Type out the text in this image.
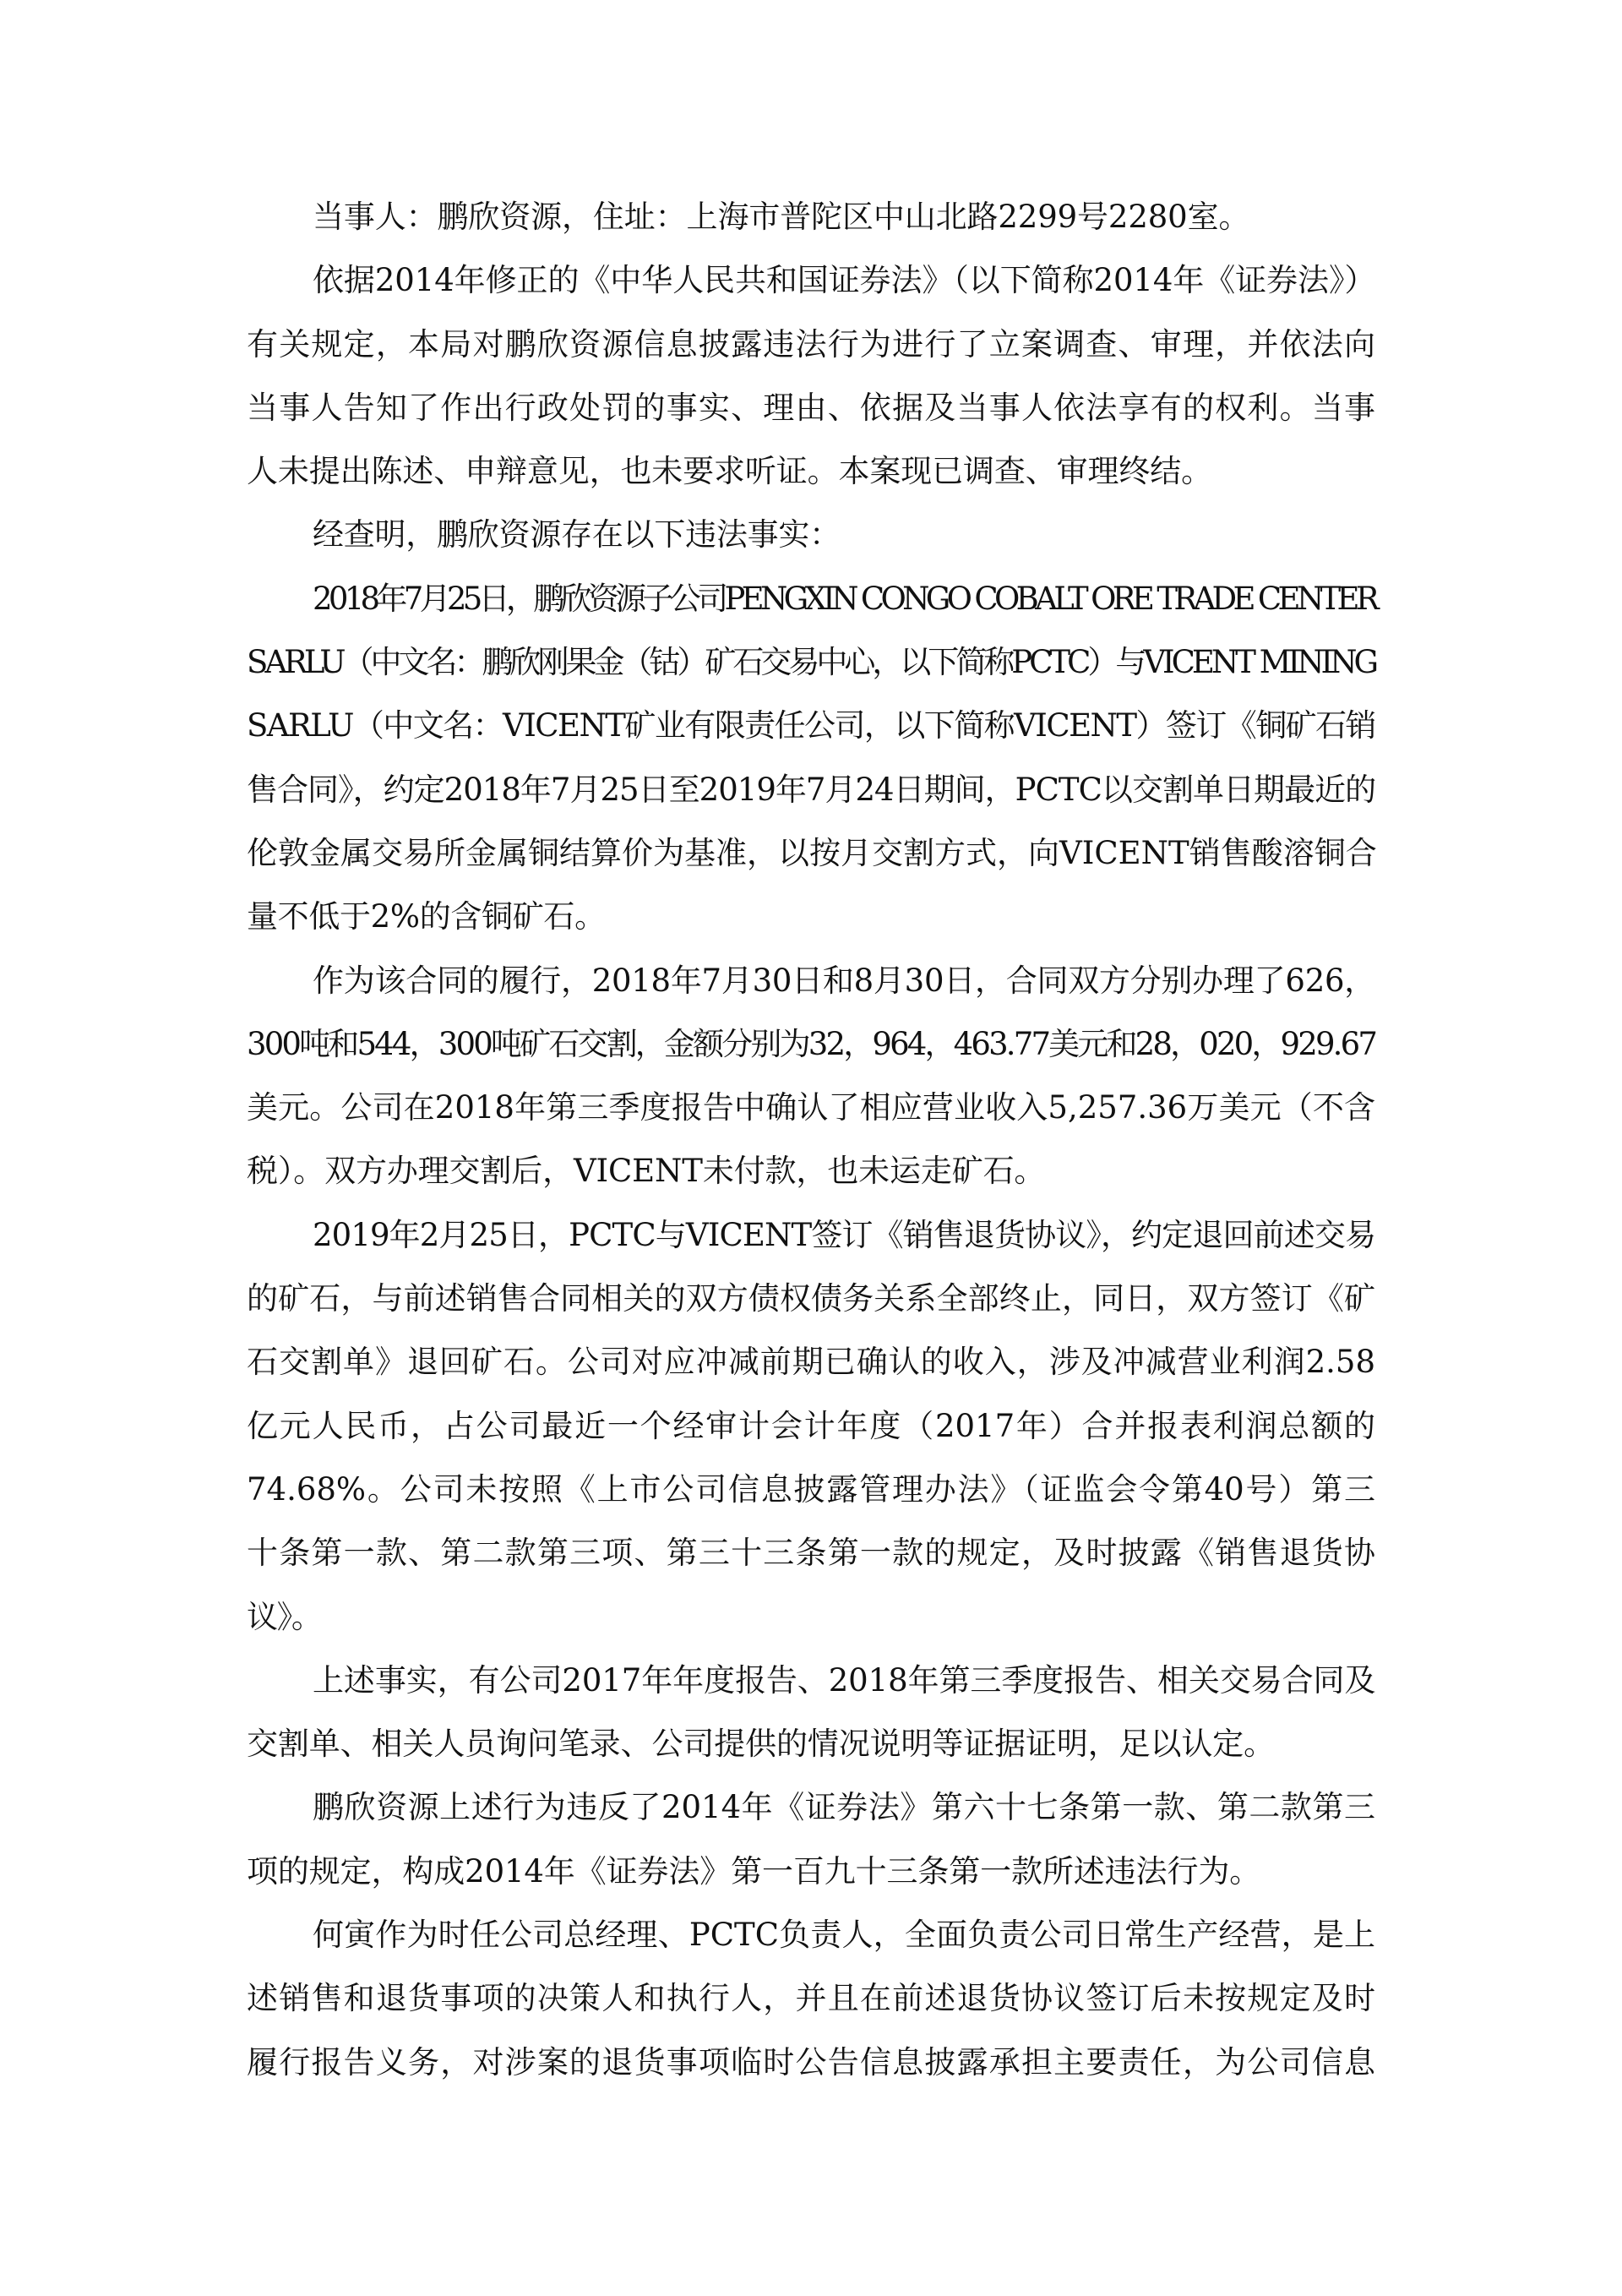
当事人：鹏欣资源，住址：上海市普陀区中山北路2299号2280室。
依据2014年修正的《中华人民共和国证券法》（以下简称2014年《证券法》）
有关规定，本局对鹏欣资源信息披露违法行为进行了立案调查、审理，并依法向
当事人告知了作出行政处罚的事实、理由、依据及当事人依法享有的权利。当事
人未提出陈述、申辩意见，也未要求听证。本案现已调查、审理终结。
经查明，鹏欣资源存在以下违法事实：
2018年7月25日，鹏欣资源子公司PENGXIN CONGO COBALT ORE TRADE CENTER
SARLU（中文名：鹏欣刚果金（钴）矿石交易中心，以下简称PCTC）与VICENT MINING
SARLU（中文名：VICENT矿业有限责任公司，以下简称VICENT）签订《铜矿石销
售合同》，约定2018年7月25日至2019年7月24日期间，PCTC以交割单日期最近的
伦敦金属交易所金属铜结算价为基准，以按月交割方式，向VICENT销售酸溶铜合
量不低于2%的含铜矿石。
作为该合同的履行，2018年7月30日和8月30日，合同双方分别办理了626，
300吨和544，300吨矿石交割，金额分别为32，964，463.77美元和28，020，929.67
美元。公司在2018年第三季度报告中确认了相应营业收入5,257.36万美元（不含
税）。双方办理交割后，VICENT未付款，也未运走矿石。
2019年2月25日，PCTC与VICENT签订《销售退货协议》，约定退回前述交易
的矿石，与前述销售合同相关的双方债权债务关系全部终止，同日，双方签订《矿
石交割单》退回矿石。公司对应冲减前期已确认的收入，涉及冲减营业利润2.58
亿元人民币，占公司最近一个经审计会计年度（2017年）合并报表利润总额的
74.68%。公司未按照《上市公司信息披露管理办法》（证监会令第40号）第三
十条第一款、第二款第三项、第三十三条第一款的规定，及时披露《销售退货协
议》。
上述事实，有公司2017年年度报告、2018年第三季度报告、相关交易合同及
交割单、相关人员询问笔录、公司提供的情况说明等证据证明，足以认定。
鹏欣资源上述行为违反了2014年《证券法》第六十七条第一款、第二款第三
项的规定，构成2014年《证券法》第一百九十三条第一款所述违法行为。
何寅作为时任公司总经理、PCTC负责人，全面负责公司日常生产经营，是上
述销售和退货事项的决策人和执行人，并且在前述退货协议签订后未按规定及时
履行报告义务，对涉案的退货事项临时公告信息披露承担主要责任，为公司信息
